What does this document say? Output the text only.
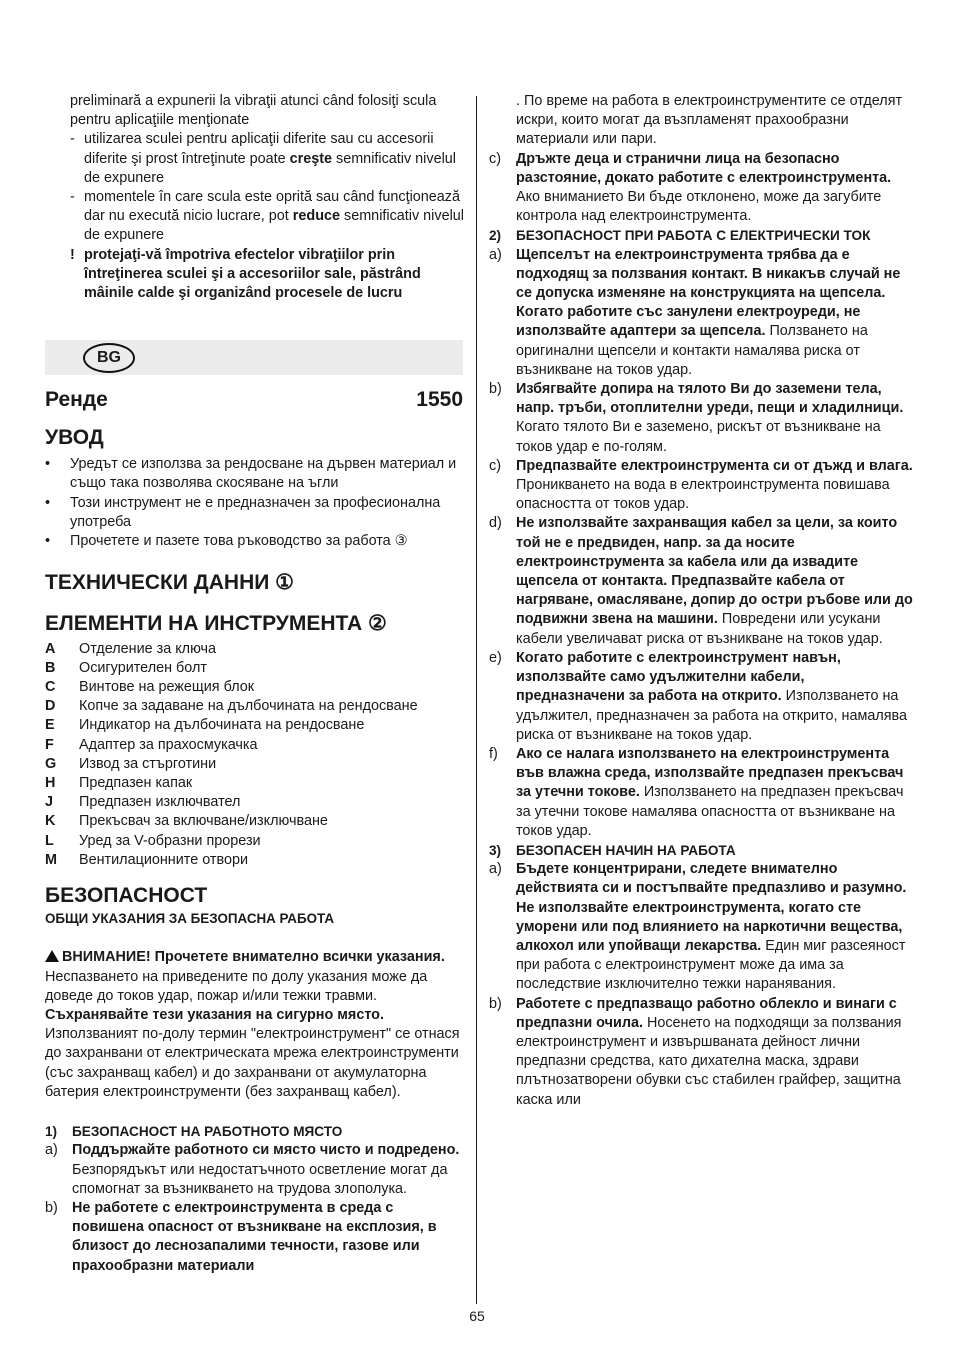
preliminară a expunerii la vibraţii atunci când folosiţi scula pentru aplicaţiile menţionate

- utilizarea sculei pentru aplicaţii diferite sau cu accesorii diferite şi prost întreţinute poate creşte semnificativ nivelul de expunere

- momentele în care scula este oprită sau când funcţionează dar nu execută nicio lucrare, pot reduce semnificativ nivelul de expunere

! protejaţi-vă împotriva efectelor vibraţiilor prin întreţinerea sculei şi a accesoriilor sale, păstrând mâinile calde şi organizând procesele de lucru

BG
Ренде	1550

УВОД

• Уредът се използва за рендосване на дървен материал и също така позволява скосяване на ъгли

• Този инструмент не е предназначен за професионална употреба

• Прочетете и пазете това ръководство за работа ③

ТЕХНИЧЕСКИ ДАННИ ①

ЕЛЕМЕНТИ НА ИНСТРУМЕНТА ②

A Отделение за ключа

B Осигурителен болт

C Винтове на режещия блок

D Копче за задаване на дълбочината на рендосване

E Индикатор на дълбочината на рендосване

F Адаптер за прахосмукачка

G Извод за стърготини

H Предпазен капак

J Предпазен изключвател

K Прекъсвач за включване/изключване

L Уред за V-образни прорези

M Вентилационните отвори

БЕЗОПАСНОСТ

ОБЩИ УКАЗАНИЯ ЗА БЕЗОПАСНА РАБОТА

ВНИМАНИЕ! Прочетете внимателно всички указания. Неспазването на приведените по долу указания може да доведе до токов удар, пожар и/или тежки травми. Съхранявайте тези указания на сигурно място. Използваният по-долу термин "електроинструмент" се отнася до захранвани от електрическата мрежа електроинструменти (със захранващ кабел) и до захранвани от акумулаторна батерия електроинструменти (без захранващ кабел).

1) БЕЗОПАСНОСТ НА РАБОТНОТО МЯСТО

a) Поддържайте работното си място чисто и подредено. Безпорядъкът или недостатъчното осветление могат да спомогнат за възникването на трудова злополука.

b) Не работете с електроинструмента в среда с повишена опасност от възникване на експлозия, в близост до леснозапалими течности, газове или прахообразни материали

. По време на работа в електроинструментите се отделят искри, които могат да възпламенят прахообразни материали или пари.

c) Дръжте деца и странични лица на безопасно разстояние, докато работите с електроинструмента. Ако вниманието Ви бъде отклонено, може да загубите контрола над електроинструмента.

2) БЕЗОПАСНОСТ ПРИ РАБОТА С ЕЛЕКТРИЧЕСКИ ТОК

a) Щепселът на електроинструмента трябва да е подходящ за ползвания контакт. В никакъв случай не се допуска изменяне на конструкцията на щепсела. Когато работите със занулени електроуреди, не използвайте адаптери за щепсела. Ползването на оригинални щепсели и контакти намалява риска от възникване на токов удар.

b) Избягвайте допира на тялото Ви до заземени тела, напр. тръби, отоплителни уреди, пещи и хладилници. Когато тялото Ви е заземено, рискът от възникване на токов удар е по-голям.

c) Предпазвайте електроинструмента си от дъжд и влага. Проникването на вода в електроинструмента повишава опасността от токов удар.

d) Не използвайте захранващия кабел за цели, за които той не е предвиден, напр. за да носите електроинструмента за кабела или да извадите щепсела от контакта. Предпазвайте кабела от нагряване, омасляване, допир до остри ръбове или до подвижни звена на машини. Повредени или усукани кабели увеличават риска от възникване на токов удар.

e) Когато работите с електроинструмент навън, използвайте само удължителни кабели, предназначени за работа на открито. Използването на удължител, предназначен за работа на открито, намалява риска от възникване на токов удар.

f) Ако се налага използването на електроинструмента във влажна среда, използвайте предпазен прекъсвач за утечни токове. Използването на предпазен прекъсвач за утечни токове намалява опасността от възникване на токов удар.

3) БЕЗОПАСЕН НАЧИН НА РАБОТА

a) Бъдете концентрирани, следете внимателно действията си и постъпвайте предпазливо и разумно. Не използвайте електроинструмента, когато сте уморени или под влиянието на наркотични вещества, алкохол или упойващи лекарства. Един миг разсеяност при работа с електроинструмент може да има за последствие изключително тежки наранявания.

b) Работете с предпазващо работно облекло и винаги с предпазни очила. Носенето на подходящи за ползвания електроинструмент и извършваната дейност лични предпазни средства, като дихателна маска, здрави плътнозатворени обувки със стабилен грайфер, защитна каска или

65
